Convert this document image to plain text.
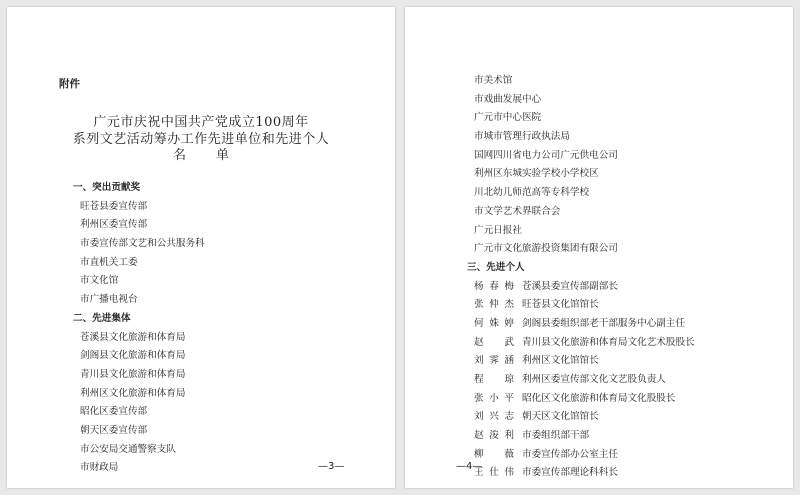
附件
广元市庆祝中国共产党成立100周年
系列文艺活动筹办工作先进单位和先进个人
名单
一、突出贡献奖
旺苍县委宣传部
利州区委宣传部
市委宣传部文艺和公共服务科
市直机关工委
市文化馆
市广播电视台
二、先进集体
苍溪县文化旅游和体育局
剑阁县文化旅游和体育局
青川县文化旅游和体育局
利州区文化旅游和体育局
昭化区委宣传部
朝天区委宣传部
市公安局交通警察支队
市财政局	—3—
市美术馆
市戏曲发展中心
广元市中心医院
市城市管理行政执法局
国网四川省电力公司广元供电公司
利州区东城实验学校小学校区
川北幼儿师范高等专科学校
市文学艺术界联合会
广元日报社
广元市文化旅游投资集团有限公司
三、先进个人
杨春梅 苍溪县委宣传部副部长
张仲杰 旺苍县文化馆馆长
何姝婷 剑阁县委组织部老干部服务中心副主任
赵武 青川县文化旅游和体育局文化艺术股股长
刘霁涵 利州区文化馆馆长
程琼 利州区委宣传部文化文艺股负责人
张小平 昭化区文化旅游和体育局文化股股长
刘兴志 朝天区文化馆馆长
赵浚利 市委组织部干部
柳薇 市委宣传部办公室主任
王仕伟 市委宣传部理论科科长
—4—
